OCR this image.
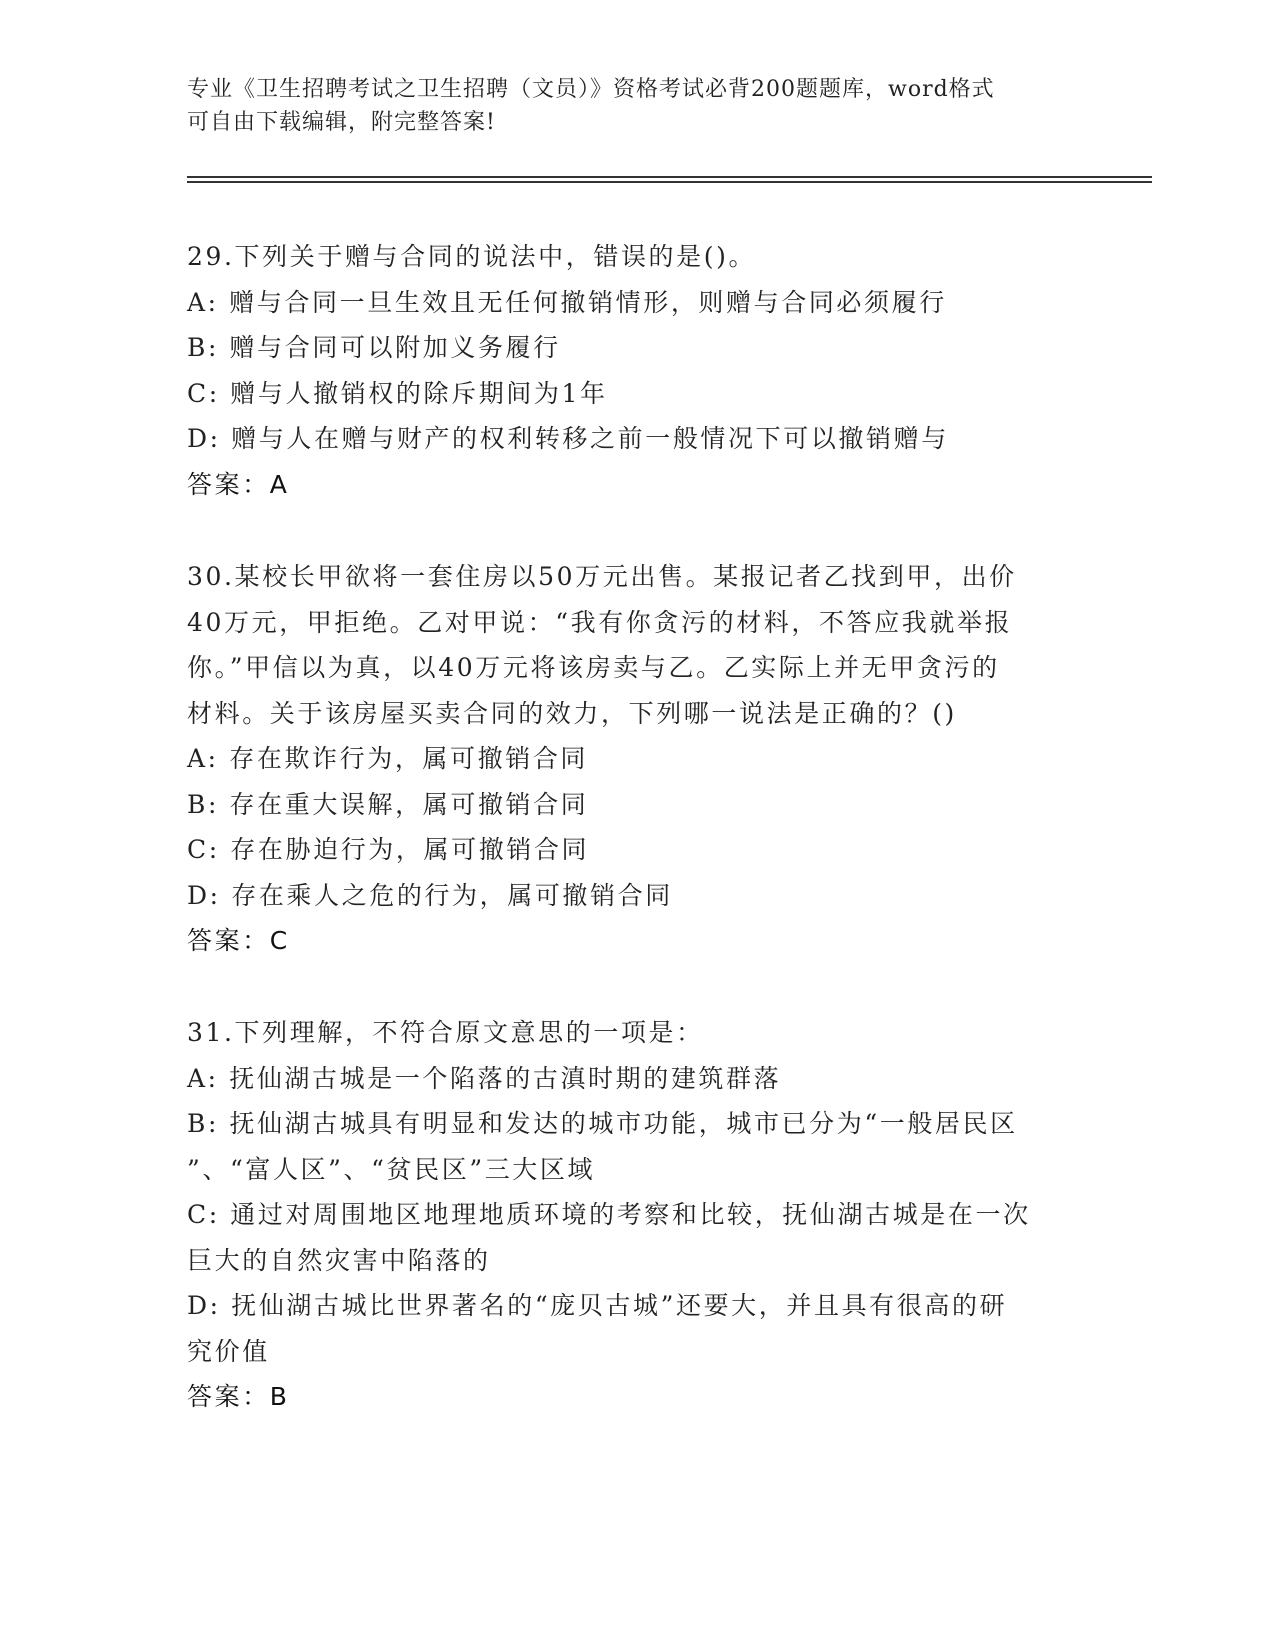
专业《卫生招聘考试之卫生招聘（文员）》资格考试必背200题题库，word格式
可自由下载编辑，附完整答案!
29.下列关于赠与合同的说法中，错误的是()。
A: 赠与合同一旦生效且无任何撤销情形，则赠与合同必须履行
B: 赠与合同可以附加义务履行
C: 赠与人撤销权的除斥期间为1年
D: 赠与人在赠与财产的权利转移之前一般情况下可以撤销赠与
答案：A
30.某校长甲欲将一套住房以50万元出售。某报记者乙找到甲，出价
40万元，甲拒绝。乙对甲说：“我有你贪污的材料，不答应我就举报
你。”甲信以为真，以40万元将该房卖与乙。乙实际上并无甲贪污的
材料。关于该房屋买卖合同的效力，下列哪一说法是正确的？()
A: 存在欺诈行为，属可撤销合同
B: 存在重大误解，属可撤销合同
C: 存在胁迫行为，属可撤销合同
D: 存在乘人之危的行为，属可撤销合同
答案：C
31.下列理解，不符合原文意思的一项是：
A: 抚仙湖古城是一个陷落的古滇时期的建筑群落
B: 抚仙湖古城具有明显和发达的城市功能，城市已分为“一般居民区
”、“富人区”、“贫民区”三大区域
C: 通过对周围地区地理地质环境的考察和比较，抚仙湖古城是在一次
巨大的自然灾害中陷落的
D: 抚仙湖古城比世界著名的“庞贝古城”还要大，并且具有很高的研
究价值
答案：B
